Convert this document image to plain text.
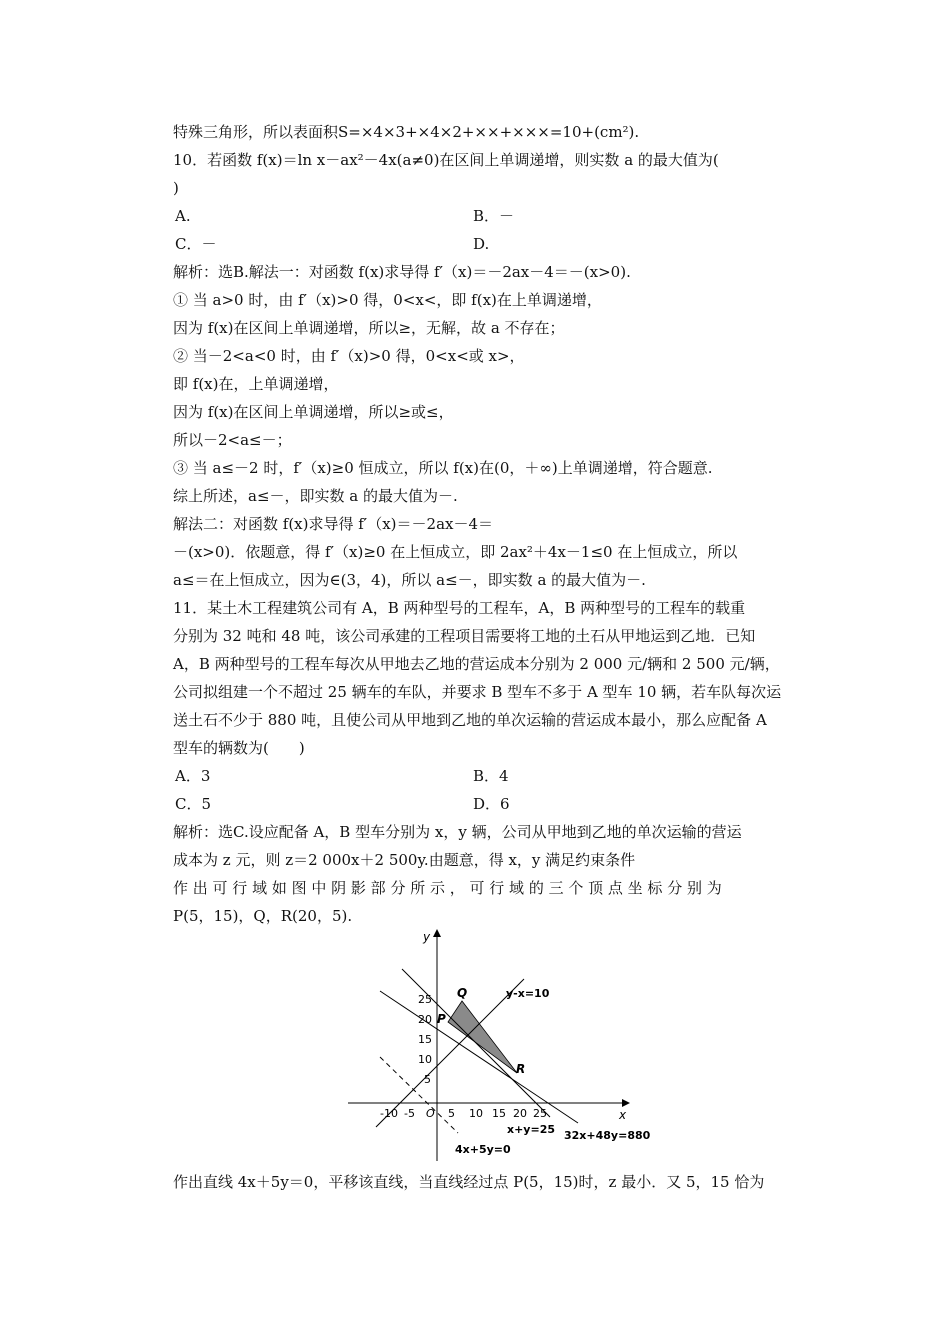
特殊三角形，所以表面积S=×4×3+×4×2+××+×××=10+(cm²).
10．若函数 f(x)＝ln x－ax²－4x(a≠0)在区间上单调递增，则实数 a 的最大值为(
)
A.	B．－
C．－	D.
解析：选B.解法一：对函数 f(x)求导得 f′（x)＝－2ax－4＝－(x>0).
① 当 a>0 时，由 f′（x)>0 得，0<x<，即 f(x)在上单调递增，
因为 f(x)在区间上单调递增，所以≥，无解，故 a 不存在；
② 当－2<a<0 时，由 f′（x)>0 得，0<x<或 x>，
即 f(x)在，上单调递增，
因为 f(x)在区间上单调递增，所以≥或≤，
所以－2<a≤－；
③ 当 a≤－2 时，f′（x)≥0 恒成立，所以 f(x)在(0，＋∞)上单调递增，符合题意.
综上所述，a≤－，即实数 a 的最大值为－.
解法二：对函数 f(x)求导得 f′（x)＝－2ax－4＝
－(x>0)．依题意，得 f′（x)≥0 在上恒成立，即 2ax²＋4x－1≤0 在上恒成立，所以
a≤＝在上恒成立，因为∈(3，4)，所以 a≤－，即实数 a 的最大值为－.
11．某土木工程建筑公司有 A，B 两种型号的工程车，A，B 两种型号的工程车的载重
分别为 32 吨和 48 吨，该公司承建的工程项目需要将工地的土石从甲地运到乙地．已知
A，B 两种型号的工程车每次从甲地去乙地的营运成本分别为 2 000 元/辆和 2 500 元/辆，
公司拟组建一个不超过 25 辆车的车队，并要求 B 型车不多于 A 型车 10 辆，若车队每次运
送土石不少于 880 吨，且使公司从甲地到乙地的单次运输的营运成本最小，那么应配备 A
型车的辆数为(　　)
A．3	B．4
C．5	D．6
解析：选C.设应配备 A，B 型车分别为 x，y 辆，公司从甲地到乙地的单次运输的营运
成本为 z 元，则 z＝2 000x＋2 500y.由题意，得 x，y 满足约束条件
作 出 可 行 域 如 图 中 阴 影 部 分 所 示 ， 可 行 域 的 三 个 顶 点 坐 标 分 别 为
P(5，15)，Q，R(20，5).
-10 -5 O 5 10 15 20 25
5
10
15
20
25
x
y
Q
P
R
y-x=10
x+y=25 32x+48y=880
4x+5y=0
作出直线 4x＋5y＝0，平移该直线，当直线经过点 P(5，15)时，z 最小．又 5，15 恰为
